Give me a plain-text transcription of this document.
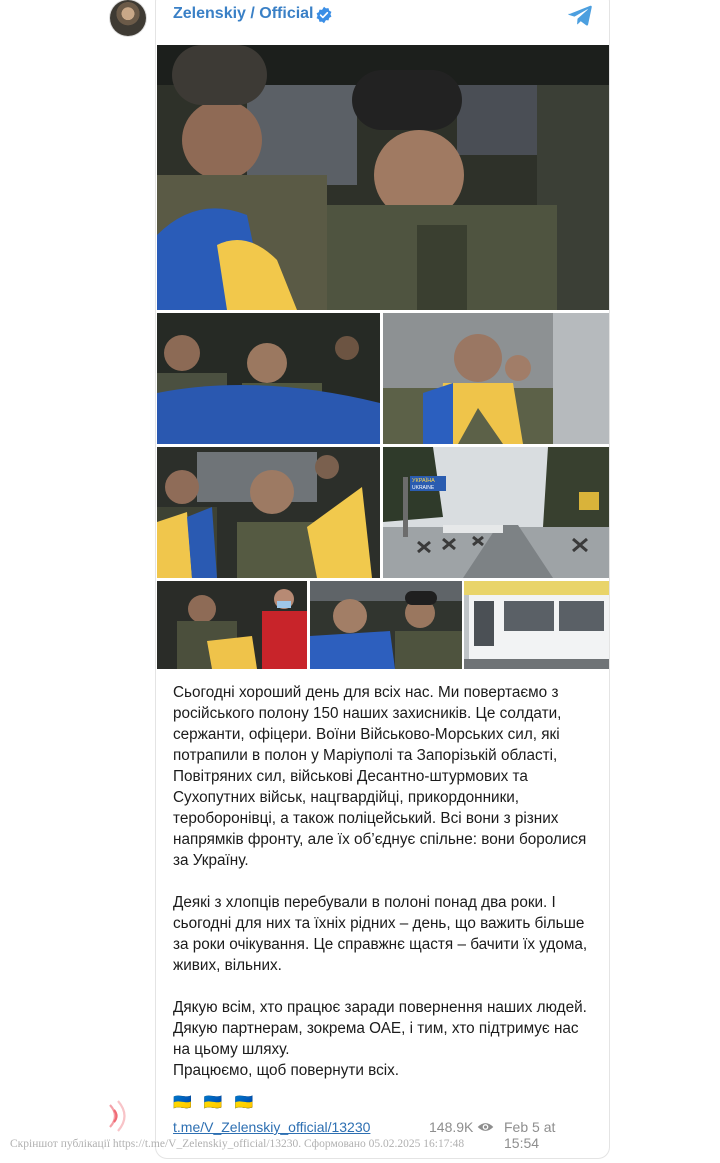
Zelenskiy / Official
УКРАЇНА
UKRAINE

Сьогодні хороший день для всіх нас. Ми повертаємо з російського полону 150 наших захисників. Це солдати, сержанти, офіцери. Воїни Військово-Морських сил, які потрапили в полон у Маріуполі та Запорізькій області, Повітряних сил, військові Десантно-штурмових та Сухопутних військ, нацгвардійці, прикордонники, тероборонівці, а також поліцейський. Всі вони з різних напрямків фронту, але їх об’єднує спільне: вони боролися за Україну.

Деякі з хлопців перебували в полоні понад два роки. І сьогодні для них та їхніх рідних – день, що важить більше за роки очікування. Це справжнє щастя – бачити їх удома, живих, вільних.

Дякую всім, хто працює заради повернення наших людей. Дякую партнерам, зокрема ОАЕ, і тим, хто підтримує нас на цьому шляху.

Працюємо, щоб повернути всіх.

🇺🇦 🇺🇦 🇺🇦
t.me/V_Zelenskiy_official/13230	148.9K Feb 5 at 15:54
Скріншот публікації https://t.me/V_Zelenskiy_official/13230. Сформовано 05.02.2025 16:17:48
